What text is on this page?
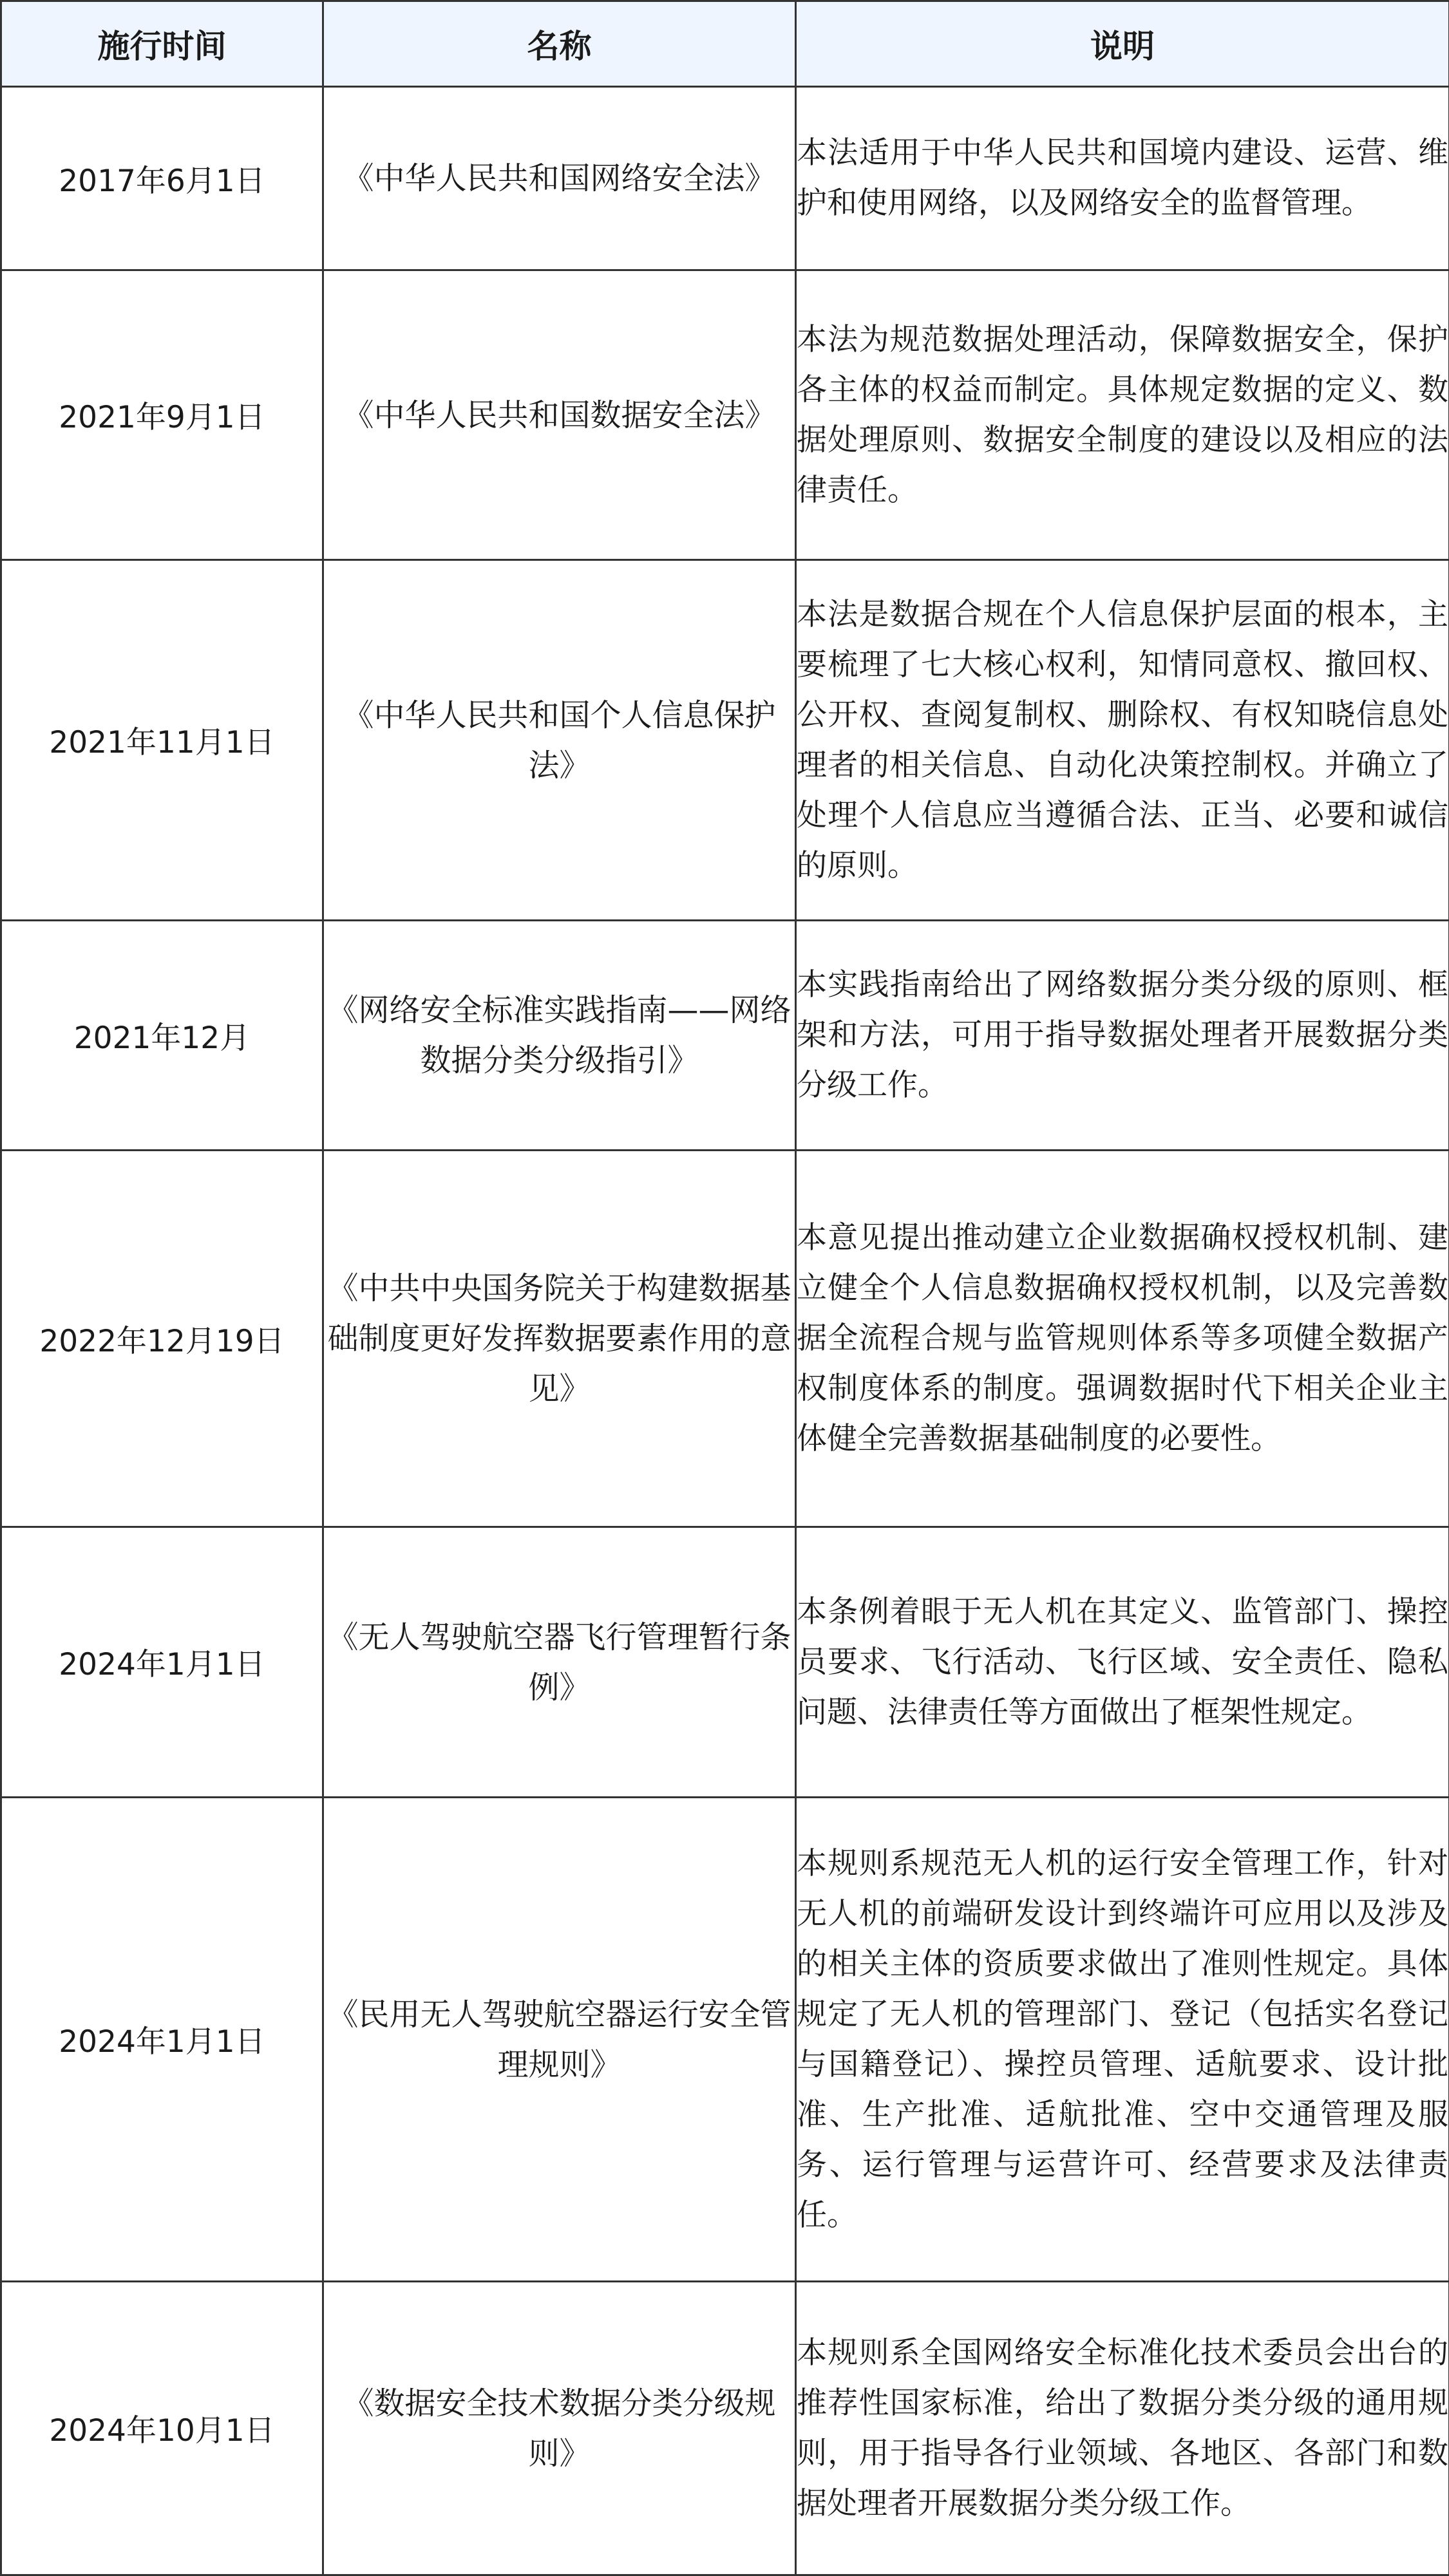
施行时间	名称	说明
2017年6月1日	《中华人民共和国网络安全法》	本法适用于中华人民共和国境内建设、运营、维护和使用网络，以及网络安全的监督管理。

2021年9月1日	《中华人民共和国数据安全法》	本法为规范数据处理活动，保障数据安全，保护各主体的权益而制定。具体规定数据的定义、数据处理原则、数据安全制度的建设以及相应的法律责任。

2021年11月1日	《中华人民共和国个人信息保护法》	本法是数据合规在个人信息保护层面的根本，主要梳理了七大核心权利，知情同意权、撤回权、公开权、查阅复制权、删除权、有权知晓信息处理者的相关信息、自动化决策控制权。并确立了处理个人信息应当遵循合法、正当、必要和诚信的原则。

2021年12月	《网络安全标准实践指南——网络数据分类分级指引》	本实践指南给出了网络数据分类分级的原则、框架和方法，可用于指导数据处理者开展数据分类分级工作。

2022年12月19日	《中共中央国务院关于构建数据基础制度更好发挥数据要素作用的意见》	本意见提出推动建立企业数据确权授权机制、建立健全个人信息数据确权授权机制，以及完善数据全流程合规与监管规则体系等多项健全数据产权制度体系的制度。强调数据时代下相关企业主体健全完善数据基础制度的必要性。

2024年1月1日	《无人驾驶航空器飞行管理暂行条例》	本条例着眼于无人机在其定义、监管部门、操控员要求、飞行活动、飞行区域、安全责任、隐私问题、法律责任等方面做出了框架性规定。

2024年1月1日	《民用无人驾驶航空器运行安全管理规则》	本规则系规范无人机的运行安全管理工作，针对无人机的前端研发设计到终端许可应用以及涉及的相关主体的资质要求做出了准则性规定。具体规定了无人机的管理部门、登记（包括实名登记与国籍登记）、操控员管理、适航要求、设计批准、生产批准、适航批准、空中交通管理及服务、运行管理与运营许可、经营要求及法律责任。

2024年10月1日	《数据安全技术数据分类分级规则》	本规则系全国网络安全标准化技术委员会出台的推荐性国家标准，给出了数据分类分级的通用规则，用于指导各行业领域、各地区、各部门和数据处理者开展数据分类分级工作。
